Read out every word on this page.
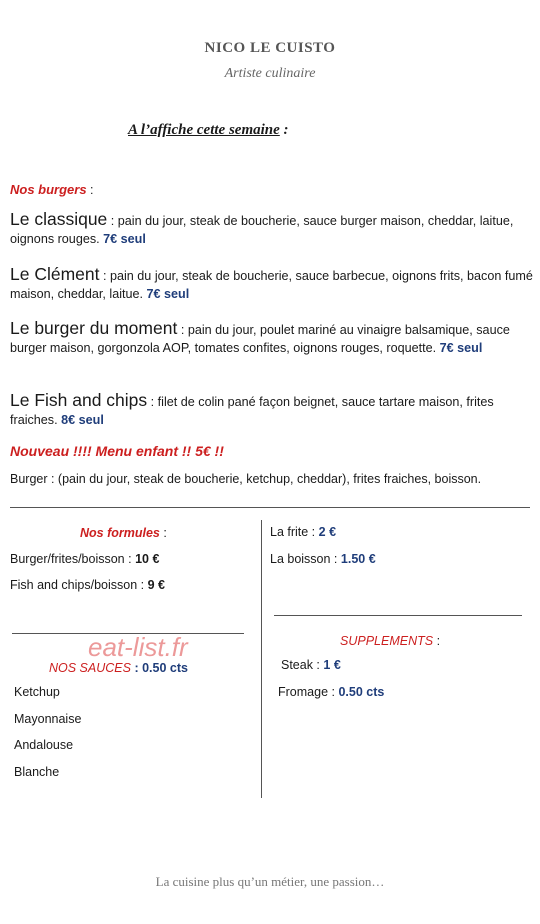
NICO LE CUISTO
Artiste culinaire
A l’affiche cette semaine :
Nos burgers :
Le classique : pain du jour, steak de boucherie, sauce burger maison, cheddar, laitue, oignons rouges. 7€ seul
Le Clément : pain du jour, steak de boucherie, sauce barbecue, oignons frits, bacon fumé maison, cheddar, laitue. 7€ seul
Le burger du moment : pain du jour, poulet mariné au vinaigre balsamique, sauce burger maison, gorgonzola AOP, tomates confites, oignons rouges, roquette. 7€ seul
Le Fish and chips : filet de colin pané façon beignet, sauce tartare maison, frites fraiches. 8€ seul
Nouveau !!!! Menu enfant !! 5€ !!
Burger : (pain du jour, steak de boucherie, ketchup, cheddar), frites fraiches, boisson.
Nos formules :
Burger/frites/boisson : 10 €
Fish and chips/boisson : 9 €
La frite : 2 €
La boisson : 1.50 €
eat-list.fr
NOS SAUCES : 0.50 cts
Ketchup
Mayonnaise
Andalouse
Blanche
SUPPLEMENTS :
Steak : 1 €
Fromage : 0.50 cts
La cuisine plus qu’un métier, une passion…
